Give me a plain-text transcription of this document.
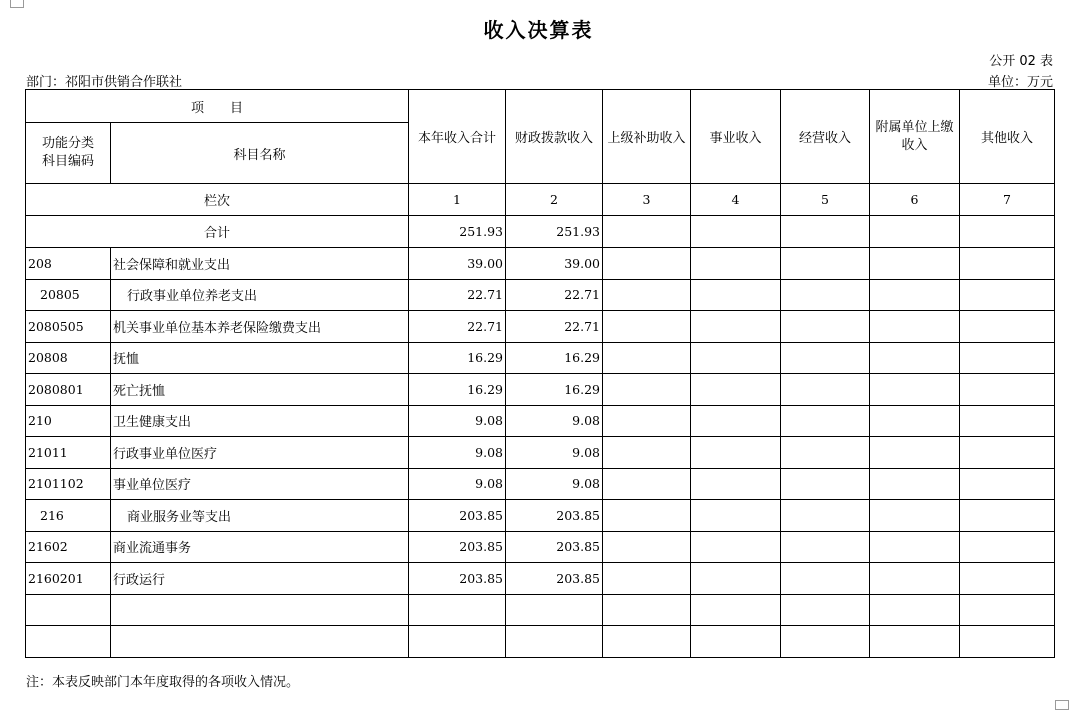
收入决算表
公开 02 表
部门：祁阳市供销合作联社	单位：万元
项　　目		本年收入合计	财政拨款收入	上级补助收入	事业收入	经营收入	附属单位上缴收入	其他收入
功能分类科目编码	科目名称							
栏次		1	2	3	4	5	6	7
合计		251.93	251.93					
208	社会保障和就业支出	39.00	39.00					
20805	行政事业单位养老支出	22.71	22.71					
2080505	机关事业单位基本养老保险缴费支出	22.71	22.71					
20808	抚恤	16.29	16.29					
2080801	死亡抚恤	16.29	16.29					
210	卫生健康支出	9.08	9.08					
21011	行政事业单位医疗	9.08	9.08					
2101102	事业单位医疗	9.08	9.08					
216	商业服务业等支出	203.85	203.85					
21602	商业流通事务	203.85	203.85					
2160201	行政运行	203.85	203.85					

注：本表反映部门本年度取得的各项收入情况。
